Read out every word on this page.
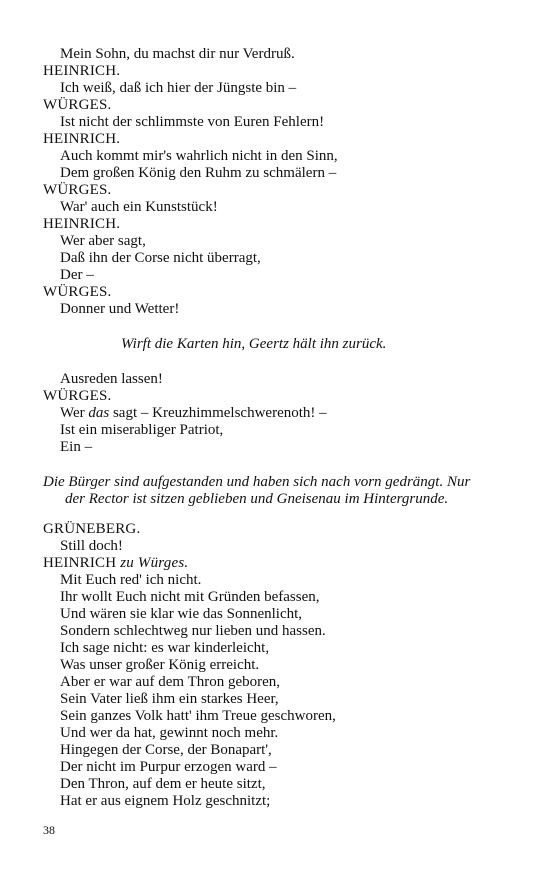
Mein Sohn, du machst dir nur Verdruß.
HEINRICH.
Ich weiß, daß ich hier der Jüngste bin –
WÜRGES.
Ist nicht der schlimmste von Euren Fehlern!
HEINRICH.
Auch kommt mir's wahrlich nicht in den Sinn,
Dem großen König den Ruhm zu schmälern –
WÜRGES.
War' auch ein Kunststück!
HEINRICH.
Wer aber sagt,
Daß ihn der Corse nicht überragt,
Der –
WÜRGES.
Donner und Wetter!
Wirft die Karten hin, Geertz hält ihn zurück.
Ausreden lassen!
WÜRGES.
Wer das sagt – Kreuzhimmelschwerenoth! –
Ist ein miserabliger Patriot,
Ein –
Die Bürger sind aufgestanden und haben sich nach vorn gedrängt. Nur
der Rector ist sitzen geblieben und Gneisenau im Hintergrunde.
GRÜNEBERG.
Still doch!
HEINRICH zu Würges.
Mit Euch red' ich nicht.
Ihr wollt Euch nicht mit Gründen befassen,
Und wären sie klar wie das Sonnenlicht,
Sondern schlechtweg nur lieben und hassen.
Ich sage nicht: es war kinderleicht,
Was unser großer König erreicht.
Aber er war auf dem Thron geboren,
Sein Vater ließ ihm ein starkes Heer,
Sein ganzes Volk hatt' ihm Treue geschworen,
Und wer da hat, gewinnt noch mehr.
Hingegen der Corse, der Bonapart',
Der nicht im Purpur erzogen ward –
Den Thron, auf dem er heute sitzt,
Hat er aus eignem Holz geschnitzt;
38
